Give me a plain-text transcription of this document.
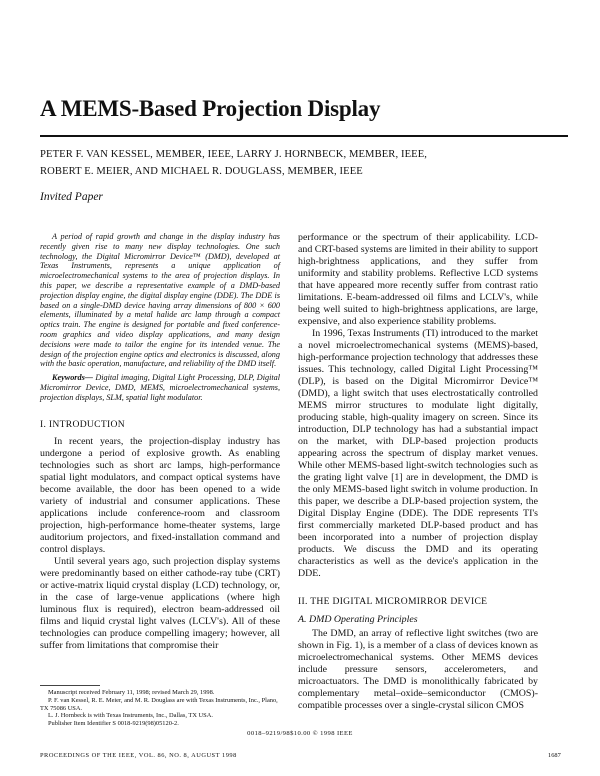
A MEMS-Based Projection Display
PETER F. VAN KESSEL, MEMBER, IEEE, LARRY J. HORNBECK, MEMBER, IEEE,
ROBERT E. MEIER, AND MICHAEL R. DOUGLASS, MEMBER, IEEE
Invited Paper

A period of rapid growth and change in the display industry has recently given rise to many new display technologies. One such technology, the Digital Micromirror Device™ (DMD), developed at Texas Instruments, represents a unique application of microelectromechanical systems to the area of projection displays. In this paper, we describe a representative example of a DMD-based projection display engine, the digital display engine (DDE). The DDE is based on a single-DMD device having array dimensions of 800 × 600 elements, illuminated by a metal halide arc lamp through a compact optics train. The engine is designed for portable and fixed conference-room graphics and video display applications, and many design decisions were made to tailor the engine for its intended venue. The design of the projection engine optics and electronics is discussed, along with the basic operation, manufacture, and reliability of the DMD itself.

Keywords— Digital imaging, Digital Light Processing, DLP, Digital Micromirror Device, DMD, MEMS, microelectromechanical systems, projection displays, SLM, spatial light modulator.

I. INTRODUCTION

In recent years, the projection-display industry has undergone a period of explosive growth. As enabling technologies such as short arc lamps, high-performance spatial light modulators, and compact optical systems have become available, the door has been opened to a wide variety of industrial and consumer applications. These applications include conference-room and classroom projection, high-performance home-theater systems, large auditorium projectors, and fixed-installation command and control displays.

Until several years ago, such projection display systems were predominantly based on either cathode-ray tube (CRT) or active-matrix liquid crystal display (LCD) technology, or, in the case of large-venue applications (where high luminous flux is required), electron beam-addressed oil films and liquid crystal light valves (LCLV's). All of these technologies can produce compelling imagery; however, all suffer from limitations that compromise their

performance or the spectrum of their applicability. LCD- and CRT-based systems are limited in their ability to support high-brightness applications, and they suffer from uniformity and stability problems. Reflective LCD systems that have appeared more recently suffer from contrast ratio limitations. E-beam-addressed oil films and LCLV's, while being well suited to high-brightness applications, are large, expensive, and also experience stability problems.

In 1996, Texas Instruments (TI) introduced to the market a novel microelectromechanical systems (MEMS)-based, high-performance projection technology that addresses these issues. This technology, called Digital Light Processing™ (DLP), is based on the Digital Micromirror Device™ (DMD), a light switch that uses electrostatically controlled MEMS mirror structures to modulate light digitally, producing stable, high-quality imagery on screen. Since its introduction, DLP technology has had a substantial impact on the market, with DLP-based projection products appearing across the spectrum of display market venues. While other MEMS-based light-switch technologies such as the grating light valve [1] are in development, the DMD is the only MEMS-based light switch in volume production. In this paper, we describe a DLP-based projection system, the Digital Display Engine (DDE). The DDE represents TI's first commercially marketed DLP-based product and has been incorporated into a number of projection display products. We discuss the DMD and its operating characteristics as well as the device's application in the DDE.

II. THE DIGITAL MICROMIRROR DEVICE

A. DMD Operating Principles

The DMD, an array of reflective light switches (two are shown in Fig. 1), is a member of a class of devices known as microelectromechanical systems. Other MEMS devices include pressure sensors, accelerometers, and microactuators. The DMD is monolithically fabricated by complementary metal–oxide–semiconductor (CMOS)-compatible processes over a single-crystal silicon CMOS

Manuscript received February 11, 1998; revised March 29, 1998.

P. F. van Kessel, R. E. Meier, and M. R. Douglass are with Texas Instruments, Inc., Plano, TX 75086 USA.

L. J. Hornbeck is with Texas Instruments, Inc., Dallas, TX USA.

Publisher Item Identifier S 0018-9219(98)05120-2.

0018–9219/98$10.00 © 1998 IEEE
PROCEEDINGS OF THE IEEE, VOL. 86, NO. 8, AUGUST 1998	1687
